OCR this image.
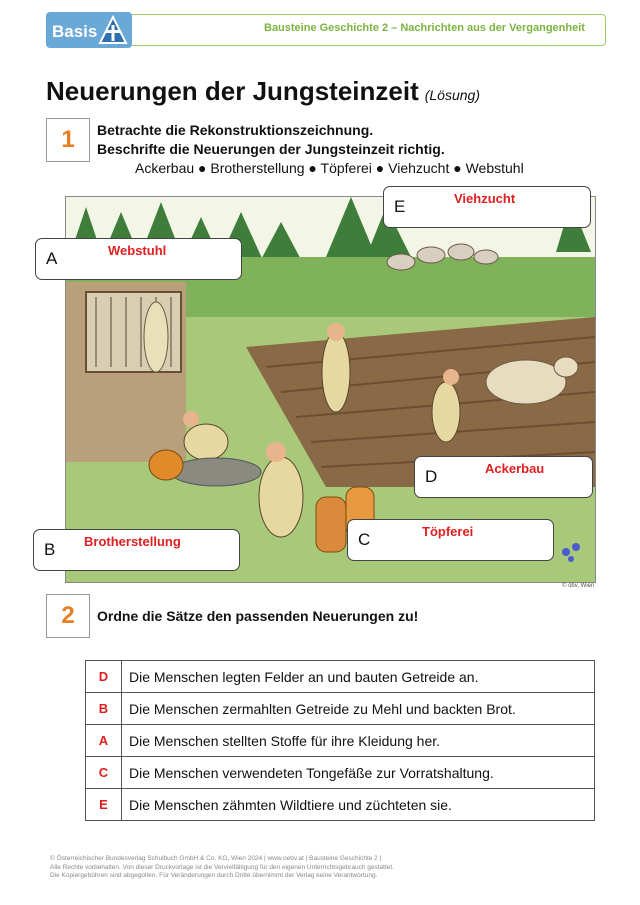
Basis	Bausteine Geschichte 2 – Nachrichten aus der Vergangenheit
Neuerungen der Jungsteinzeit (Lösung)
1	Betrachte die Rekonstruktionszeichnung.
Beschrifte die Neuerungen der Jungsteinzeit richtig.
Ackerbau ● Brotherstellung ● Töpferei ● Viehzucht ● Webstuhl
© öbv, Wien
E	Viehzucht
A	Webstuhl
D	Ackerbau
B Brotherstellung	C	Töpferei
2	Ordne die Sätze den passenden Neuerungen zu!
D	Die Menschen legten Felder an und bauten Getreide an.
B	Die Menschen zermahlten Getreide zu Mehl und backten Brot.
A	Die Menschen stellten Stoffe für ihre Kleidung her.
C	Die Menschen verwendeten Tongefäße zur Vorratshaltung.
E	Die Menschen zähmten Wildtiere und züchteten sie.
© Österreichischer Bundesverlag Schulbuch GmbH & Co. KG, Wien 2024 | www.oebv.at | Bausteine Geschichte 2 |
Alle Rechte vorbehalten. Von dieser Druckvorlage ist die Vervielfältigung für den eigenen Unterrichtsgebrauch gestattet.
Die Kopiergebühren sind abgegolten. Für Veränderungen durch Dritte übernimmt der Verlag keine Verantwortung.
